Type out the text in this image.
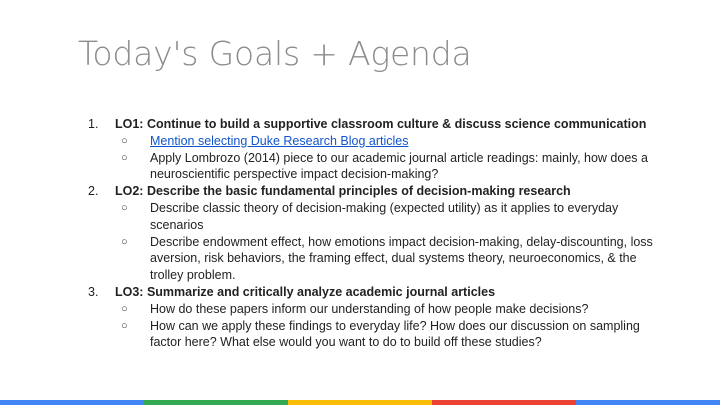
Today's Goals + Agenda
1.	LO1: Continue to build a supportive classroom culture & discuss science communication
○	Mention selecting Duke Research Blog articles
○	Apply Lombrozo (2014) piece to our academic journal article readings: mainly, how does a neuroscientific perspective impact decision-making?
2.	LO2: Describe the basic fundamental principles of decision-making research
○	Describe classic theory of decision-making (expected utility) as it applies to everyday scenarios
○	Describe endowment effect, how emotions impact decision-making, delay-discounting, loss aversion, risk behaviors, the framing effect, dual systems theory, neuroeconomics, & the trolley problem.
3.	LO3: Summarize and critically analyze academic journal articles
○	How do these papers inform our understanding of how people make decisions?
○	How can we apply these findings to everyday life? How does our discussion on sampling factor here? What else would you want to do to build off these studies?
